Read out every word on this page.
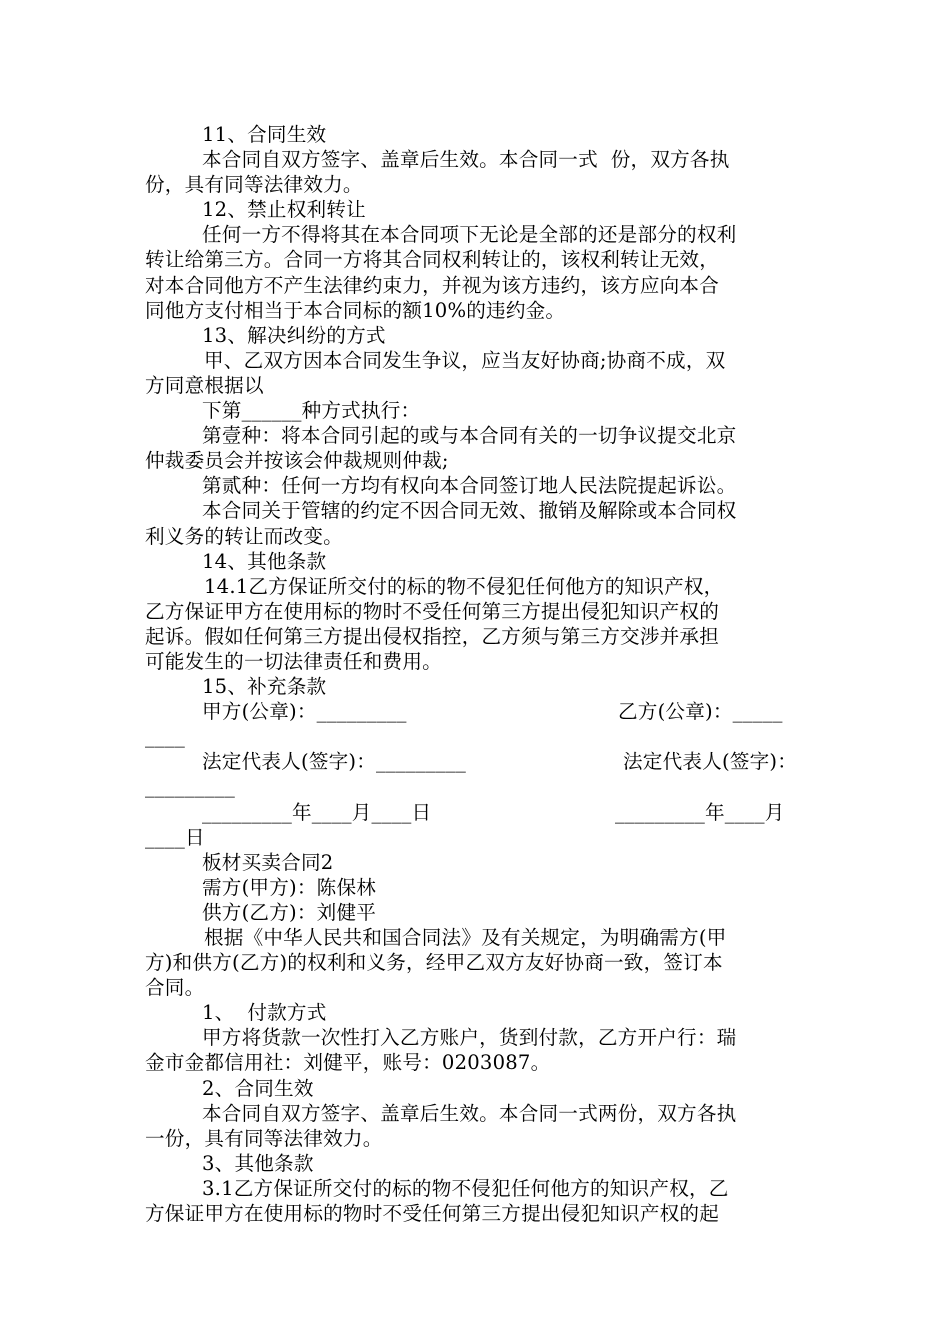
11、合同生效
本合同自双方签字、盖章后生效。本合同一式  份，双方各执
份，具有同等法律效力。
12、禁止权利转让
任何一方不得将其在本合同项下无论是全部的还是部分的权利
转让给第三方。合同一方将其合同权利转让的，该权利转让无效，
对本合同他方不产生法律约束力，并视为该方违约，该方应向本合
同他方支付相当于本合同标的额10%的违约金。
13、解决纠纷的方式
甲、乙双方因本合同发生争议，应当友好协商;协商不成，双
方同意根据以
下第______种方式执行：
第壹种：将本合同引起的或与本合同有关的一切争议提交北京
仲裁委员会并按该会仲裁规则仲裁;
第贰种：任何一方均有权向本合同签订地人民法院提起诉讼。
本合同关于管辖的约定不因合同无效、撤销及解除或本合同权
利义务的转让而改变。
14、其他条款
14.1乙方保证所交付的标的物不侵犯任何他方的知识产权，
乙方保证甲方在使用标的物时不受任何第三方提出侵犯知识产权的
起诉。假如任何第三方提出侵权指控，乙方须与第三方交涉并承担
可能发生的一切法律责任和费用。
15、补充条款
甲方(公章)：_________	乙方(公章)：_____
____
法定代表人(签字)：_________	法定代表人(签字)：
_________
_________年____月____日	_________年____月
____日
板材买卖合同2
需方(甲方)：陈保林
供方(乙方)：刘健平
根据《中华人民共和国合同法》及有关规定，为明确需方(甲
方)和供方(乙方)的权利和义务，经甲乙双方友好协商一致，签订本
合同。
1、  付款方式
甲方将货款一次性打入乙方账户，货到付款，乙方开户行：瑞
金市金都信用社：刘健平，账号：0203087。
2、合同生效
本合同自双方签字、盖章后生效。本合同一式两份，双方各执
一份，具有同等法律效力。
3、其他条款
3.1乙方保证所交付的标的物不侵犯任何他方的知识产权，乙
方保证甲方在使用标的物时不受任何第三方提出侵犯知识产权的起
